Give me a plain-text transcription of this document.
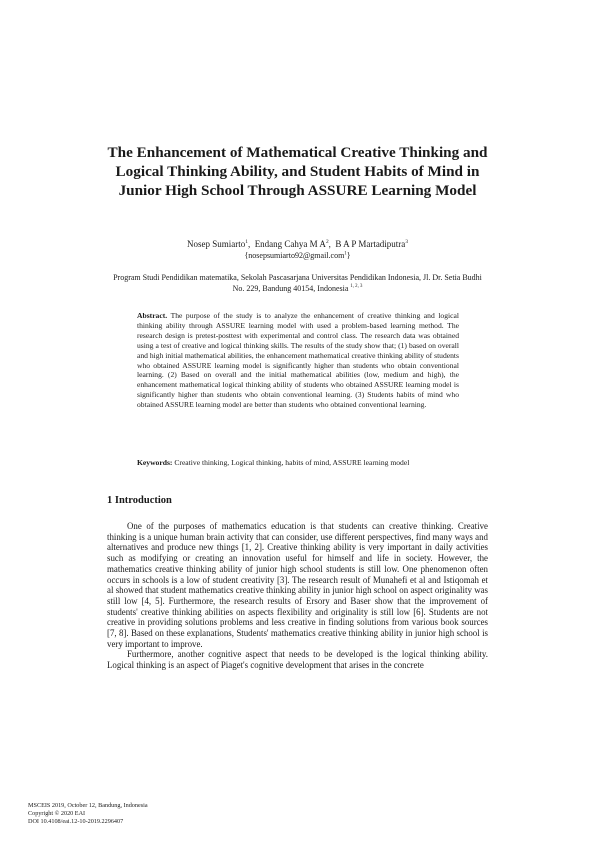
The Enhancement of Mathematical Creative Thinking and Logical Thinking Ability, and Student Habits of Mind in Junior High School Through ASSURE Learning Model
Nosep Sumiarto$^1$,  Endang Cahya M $A^2$,  B A P Martadiputra$^3$
{nosepsumiarto92@gmail.com$^1$}
Program Studi Pendidikan matematika, Sekolah Pascasarjana Universitas Pendidikan Indonesia, Jl. Dr. Setia Budhi No. 229, Bandung 40154, Indonesia $^{1, 2, 3}$

Abstract. The purpose of the study is to analyze the enhancement of creative thinking and logical thinking ability through ASSURE learning model with used a problem-based learning method. The research design is pretest-posttest with experimental and control class. The research data was obtained using a test of creative and logical thinking skills. The results of the study show that; (1) based on overall and high initial mathematical abilities, the enhancement mathematical creative thinking ability of students who obtained ASSURE learning model is significantly higher than students who obtain conventional learning. (2) Based on overall and the initial mathematical abilities (low, medium and high), the enhancement mathematical logical thinking ability of students who obtained ASSURE learning model is significantly higher than students who obtain conventional learning. (3) Students habits of mind who obtained ASSURE learning model are better than students who obtained conventional learning.

Keywords: Creative thinking, Logical thinking, habits of mind, ASSURE learning model
1 Introduction

One of the purposes of mathematics education is that students can creative thinking. Creative thinking is a unique human brain activity that can consider, use different perspectives, find many ways and alternatives and produce new things [1, 2]. Creative thinking ability is very important in daily activities such as modifying or creating an innovation useful for himself and life in society. However, the mathematics creative thinking ability of junior high school students is still low. One phenomenon often occurs in schools is a low of student creativity [3]. The research result of Munahefi et al and Istiqomah et al showed that student mathematics creative thinking ability in junior high school on aspect originality was still low [4, 5]. Furthermore, the research results of Ersory and Baser show that the improvement of students' creative thinking abilities on aspects flexibility and originality is still low [6]. Students are not creative in providing solutions problems and less creative in finding solutions from various book sources [7, 8]. Based on these explanations, Students' mathematics creative thinking ability in junior high school is very important to improve.

Furthermore, another cognitive aspect that needs to be developed is the logical thinking ability. Logical thinking is an aspect of Piaget's cognitive development that arises in the concrete

MSCEIS 2019, October 12, Bandung, Indonesia
Copyright © 2020 EAI
DOI 10.4108/eai.12-10-2019.2296407
